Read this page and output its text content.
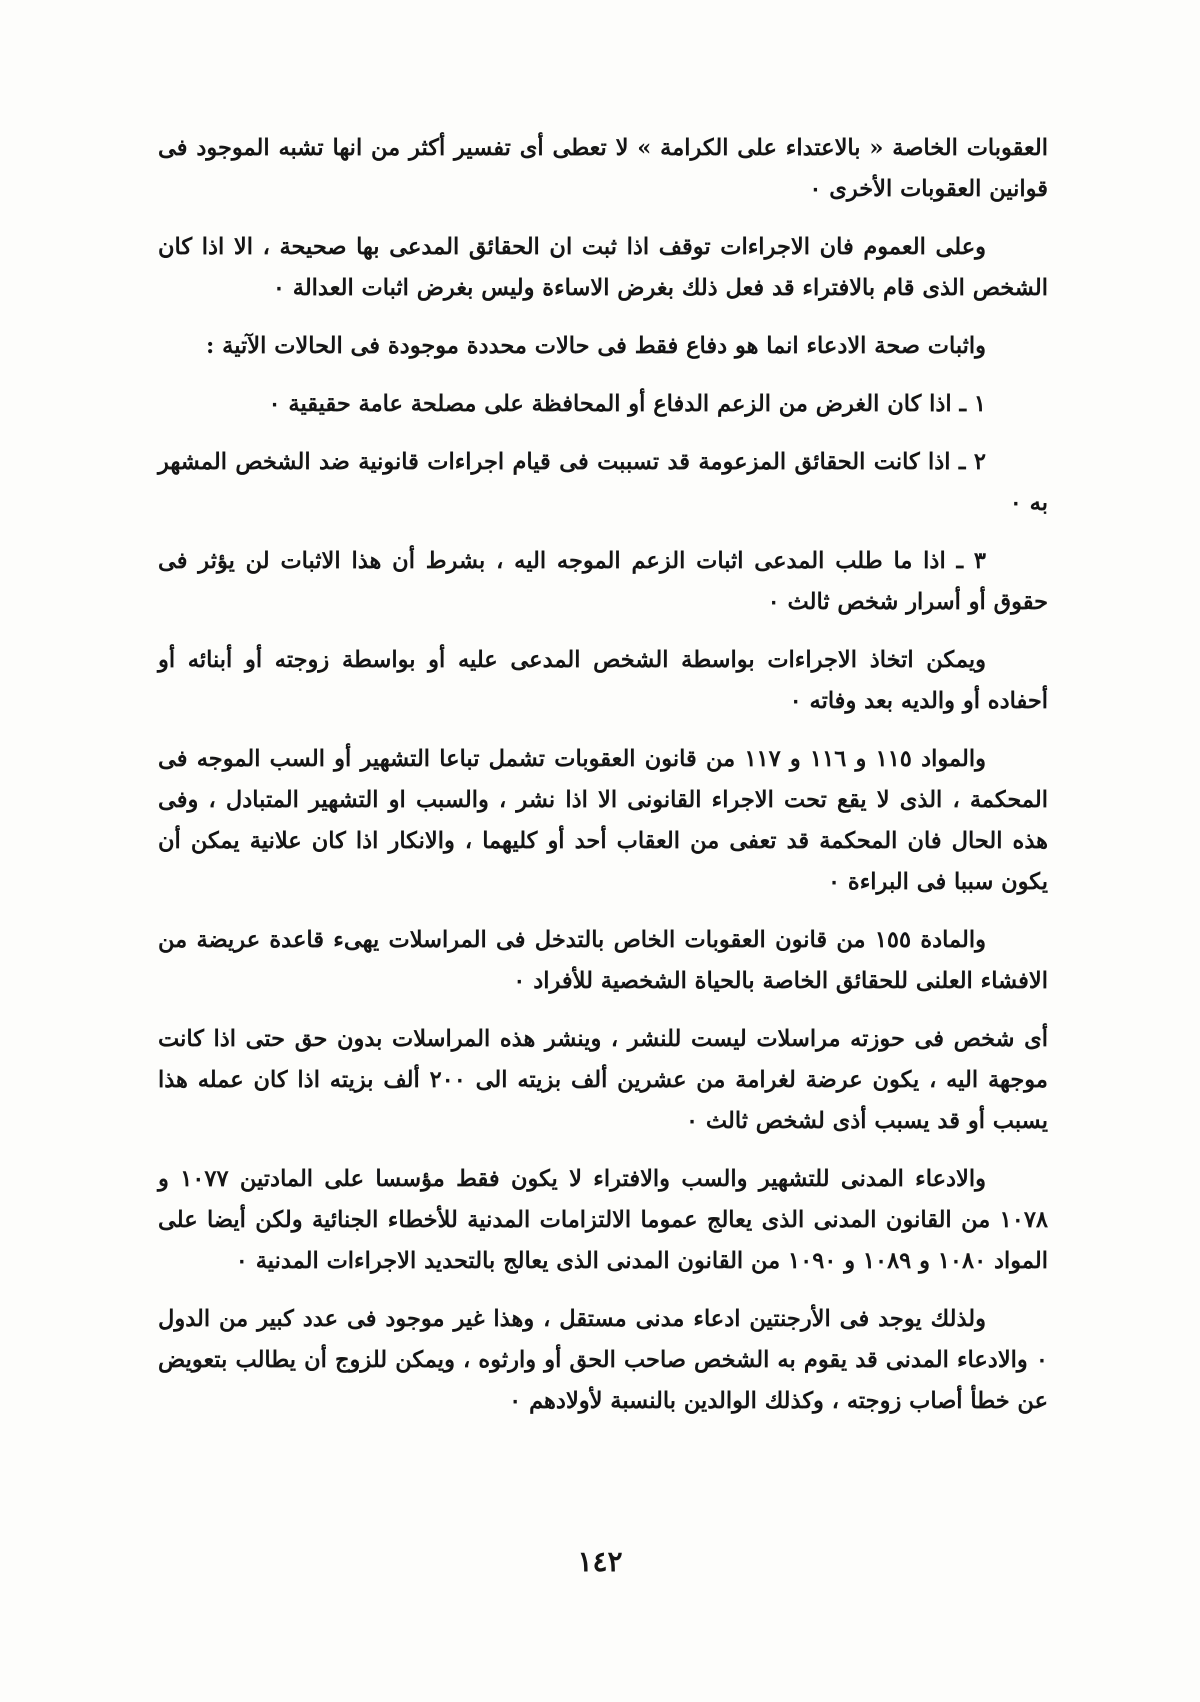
العقوبات الخاصة « بالاعتداء على الكرامة » لا تعطى أى تفسير أكثر من انها تشبه الموجود فى قوانين العقوبات الأخرى ٠

وعلى العموم فان الاجراءات توقف اذا ثبت ان الحقائق المدعى بها صحيحة ، الا اذا كان الشخص الذى قام بالافتراء قد فعل ذلك بغرض الاساءة وليس بغرض اثبات العدالة ٠

واثبات صحة الادعاء انما هو دفاع فقط فى حالات محددة موجودة فى الحالات الآتية :

١ ـ اذا كان الغرض من الزعم الدفاع أو المحافظة على مصلحة عامة حقيقية ٠

٢ ـ اذا كانت الحقائق المزعومة قد تسببت فى قيام اجراءات قانونية ضد الشخص المشهر به ٠

٣ ـ اذا ما طلب المدعى اثبات الزعم الموجه اليه ، بشرط أن هذا الاثبات لن يؤثر فى حقوق أو أسرار شخص ثالث ٠

ويمكن اتخاذ الاجراءات بواسطة الشخص المدعى عليه أو بواسطة زوجته أو أبنائه أو أحفاده أو والديه بعد وفاته ٠

والمواد ١١٥ و ١١٦ و ١١٧ من قانون العقوبات تشمل تباعا التشهير أو السب الموجه فى المحكمة ، الذى لا يقع تحت الاجراء القانونى الا اذا نشر ، والسبب او التشهير المتبادل ، وفى هذه الحال فان المحكمة قد تعفى من العقاب أحد أو كليهما ، والانكار اذا كان علانية يمكن أن يكون سببا فى البراءة ٠

والمادة ١٥٥ من قانون العقوبات الخاص بالتدخل فى المراسلات يهىء قاعدة عريضة من الافشاء العلنى للحقائق الخاصة بالحياة الشخصية للأفراد ٠

أى شخص فى حوزته مراسلات ليست للنشر ، وينشر هذه المراسلات بدون حق حتى اذا كانت موجهة اليه ، يكون عرضة لغرامة من عشرين ألف بزيته الى ٢٠٠ ألف بزيته اذا كان عمله هذا يسبب أو قد يسبب أذى لشخص ثالث ٠

والادعاء المدنى للتشهير والسب والافتراء لا يكون فقط مؤسسا على المادتين ١٠٧٧ و ١٠٧٨ من القانون المدنى الذى يعالج عموما الالتزامات المدنية للأخطاء الجنائية ولكن أيضا على المواد ١٠٨٠ و ١٠٨٩ و ١٠٩٠ من القانون المدنى الذى يعالج بالتحديد الاجراءات المدنية ٠

ولذلك يوجد فى الأرجنتين ادعاء مدنى مستقل ، وهذا غير موجود فى عدد كبير من الدول ٠ والادعاء المدنى قد يقوم به الشخص صاحب الحق أو وارثوه ، ويمكن للزوج أن يطالب بتعويض عن خطأ أصاب زوجته ، وكذلك الوالدين بالنسبة لأولادهم ٠

١٤٢
